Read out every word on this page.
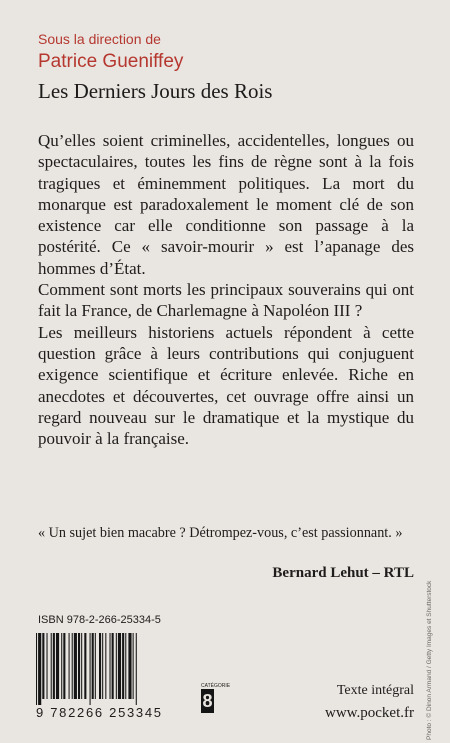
Sous la direction de
Patrice Gueniffey
Les Derniers Jours des Rois

Qu’elles soient criminelles, accidentelles, longues ou spectaculaires, toutes les fins de règne sont à la fois tragiques et éminemment politiques. La mort du monarque est paradoxalement le moment clé de son existence car elle conditionne son passage à la postérité. Ce « savoir-mourir » est l’apanage des hommes d’État.

Comment sont morts les principaux souverains qui ont fait la France, de Charlemagne à Napoléon III ?

Les meilleurs historiens actuels répondent à cette question grâce à leurs contributions qui conjuguent exigence scientifique et écriture enlevée. Riche en anecdotes et découvertes, cet ouvrage offre ainsi un regard nouveau sur le dramatique et la mystique du pouvoir à la française.

« Un sujet bien macabre ? Détrompez-vous, c’est passionnant. »
Bernard Lehut – RTL
ISBN 978-2-266-25334-5
9 782266 253345
CATÉGORIE
8
Texte intégral
www.pocket.fr Photo : © Dinon Armand / Getty Images et Shutterstock
